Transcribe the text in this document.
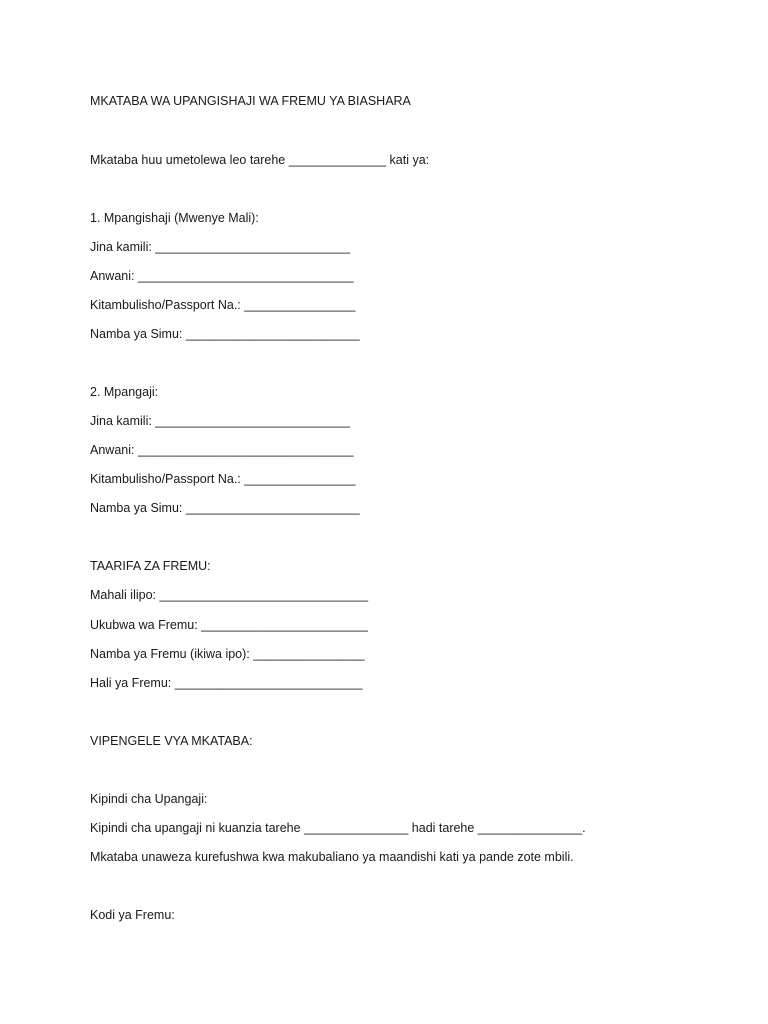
MKATABA WA UPANGISHAJI WA FREMU YA BIASHARA
Mkataba huu umetolewa leo tarehe ______________ kati ya:
1. Mpangishaji (Mwenye Mali):
Jina kamili: ____________________________
Anwani: _______________________________
Kitambulisho/Passport Na.: ________________
Namba ya Simu: _________________________
2. Mpangaji:
Jina kamili: ____________________________
Anwani: _______________________________
Kitambulisho/Passport Na.: ________________
Namba ya Simu: _________________________
TAARIFA ZA FREMU:
Mahali ilipo: ______________________________
Ukubwa wa Fremu: ________________________
Namba ya Fremu (ikiwa ipo): ________________
Hali ya Fremu: ___________________________
VIPENGELE VYA MKATABA:
Kipindi cha Upangaji:
Kipindi cha upangaji ni kuanzia tarehe _______________ hadi tarehe _______________.
Mkataba unaweza kurefushwa kwa makubaliano ya maandishi kati ya pande zote mbili.
Kodi ya Fremu:
